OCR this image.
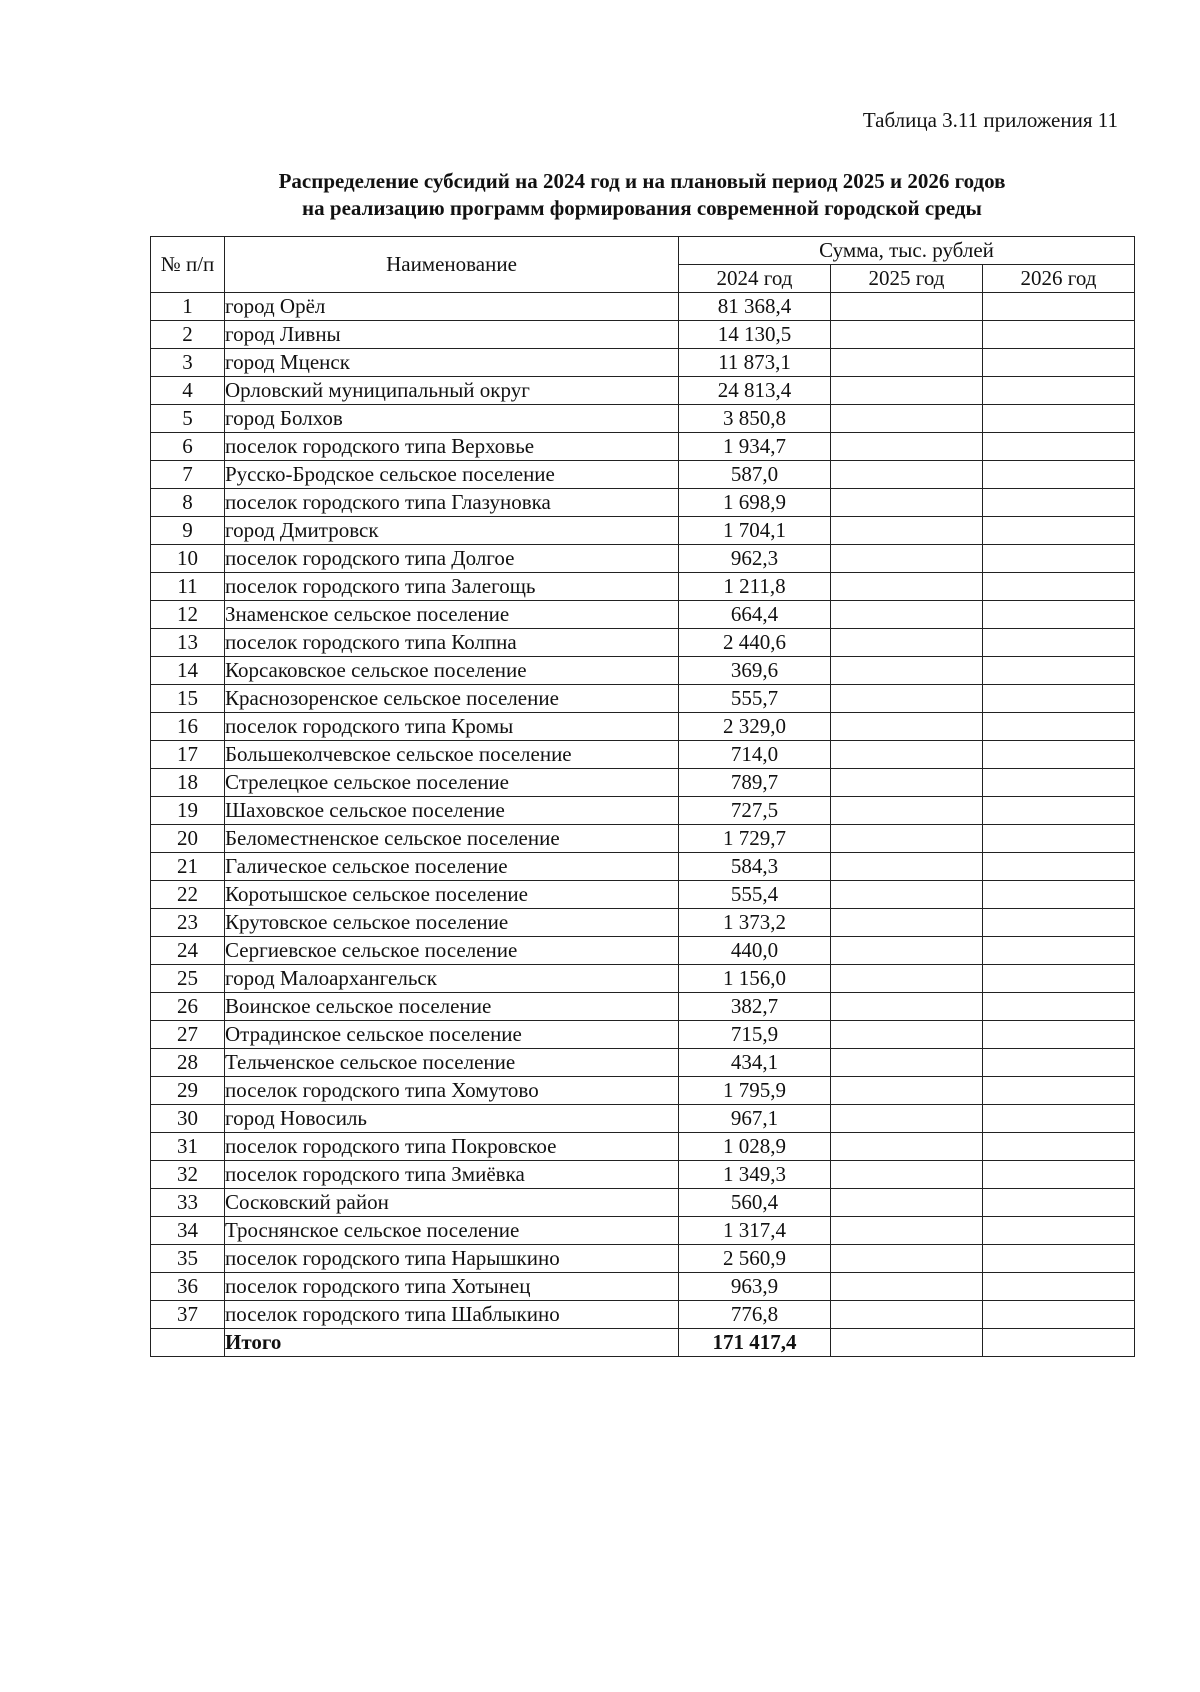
Таблица 3.11 приложения 11
Распределение субсидий на 2024 год и на плановый период 2025 и 2026 годов
на реализацию программ формирования современной городской среды
№ п/п	Наименование	Сумма, тыс. рублей		
		2024 год	2025 год	2026 год
1	город Орёл	81 368,4		
2	город Ливны	14 130,5		
3	город Мценск	11 873,1		
4	Орловский муниципальный округ	24 813,4		
5	город Болхов	3 850,8		
6	поселок городского типа Верховье	1 934,7		
7	Русско-Бродское сельское поселение	587,0		
8	поселок городского типа Глазуновка	1 698,9		
9	город Дмитровск	1 704,1		
10	поселок городского типа Долгое	962,3		
11	поселок городского типа Залегощь	1 211,8		
12	Знаменское сельское поселение	664,4		
13	поселок городского типа Колпна	2 440,6		
14	Корсаковское сельское поселение	369,6		
15	Краснозоренское сельское поселение	555,7		
16	поселок городского типа Кромы	2 329,0		
17	Большеколчевское сельское поселение	714,0		
18	Стрелецкое сельское поселение	789,7		
19	Шаховское сельское поселение	727,5		
20	Беломестненское сельское поселение	1 729,7		
21	Галическое сельское поселение	584,3		
22	Коротышское сельское поселение	555,4		
23	Крутовское сельское поселение	1 373,2		
24	Сергиевское сельское поселение	440,0		
25	город Малоархангельск	1 156,0		
26	Воинское сельское поселение	382,7		
27	Отрадинское сельское поселение	715,9		
28	Тельченское сельское поселение	434,1		
29	поселок городского типа Хомутово	1 795,9		
30	город Новосиль	967,1		
31	поселок городского типа Покровское	1 028,9		
32	поселок городского типа Змиёвка	1 349,3		
33	Сосковский район	560,4		
34	Троснянское сельское поселение	1 317,4		
35	поселок городского типа Нарышкино	2 560,9		
36	поселок городского типа Хотынец	963,9		
37	поселок городского типа Шаблыкино	776,8		
	Итого	171 417,4		
